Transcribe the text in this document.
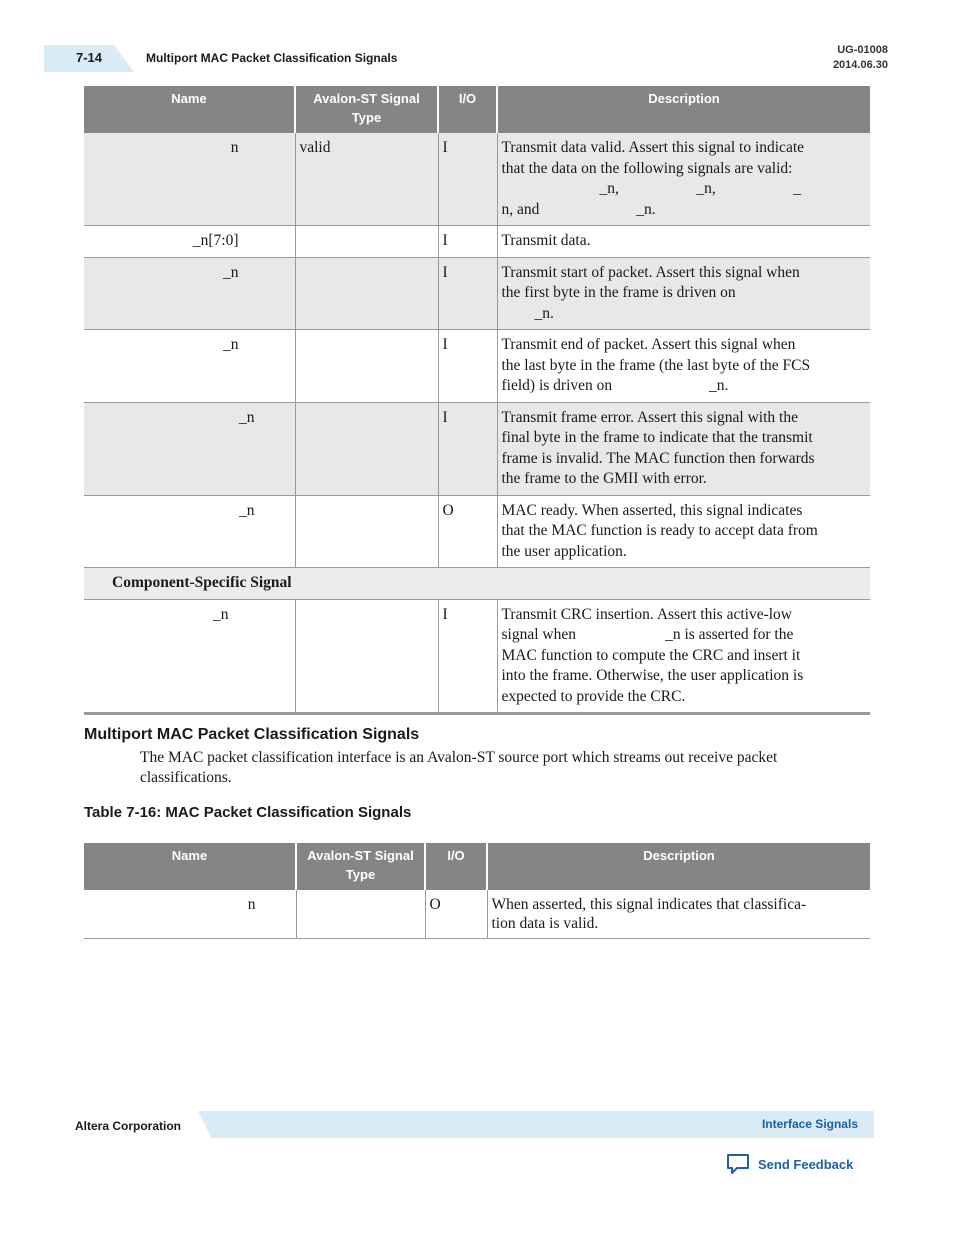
7-14	Multiport MAC Packet Classification Signals
UG-01008
2014.06.30
Name	Avalon-ST Signal Type	I/O	Description
n	valid	I	Transmit data valid. Assert this signal to indicate
that the data on the following signals are valid:
_n,                    _n,                    _
n, and                         _n.

_n[7:0]		I	Transmit data.

_n		I	Transmit start of packet. Assert this signal when
the first byte in the frame is driven on
_n.

_n		I	Transmit end of packet. Assert this signal when
the last byte in the frame (the last byte of the FCS
field) is driven on                         _n.

_n		I	Transmit frame error. Assert this signal with the
final byte in the frame to indicate that the transmit
frame is invalid. The MAC function then forwards
the frame to the GMII with error.

_n		O	MAC ready. When asserted, this signal indicates
that the MAC function is ready to accept data from
the user application.

Component-Specific Signal			
_n		I	Transmit CRC insertion. Assert this active-low
signal when                       _n is asserted for the
MAC function to compute the CRC and insert it
into the frame. Otherwise, the user application is
expected to provide the CRC.
Multiport MAC Packet Classification Signals
The MAC packet classification interface is an Avalon-ST source port which streams out receive packet classifications.
Table 7-16: MAC Packet Classification Signals
Name	Avalon-ST Signal Type	I/O	Description
n		O	When asserted, this signal indicates that classifica-
tion data is valid.
Altera Corporation	Interface Signals
Send Feedback
